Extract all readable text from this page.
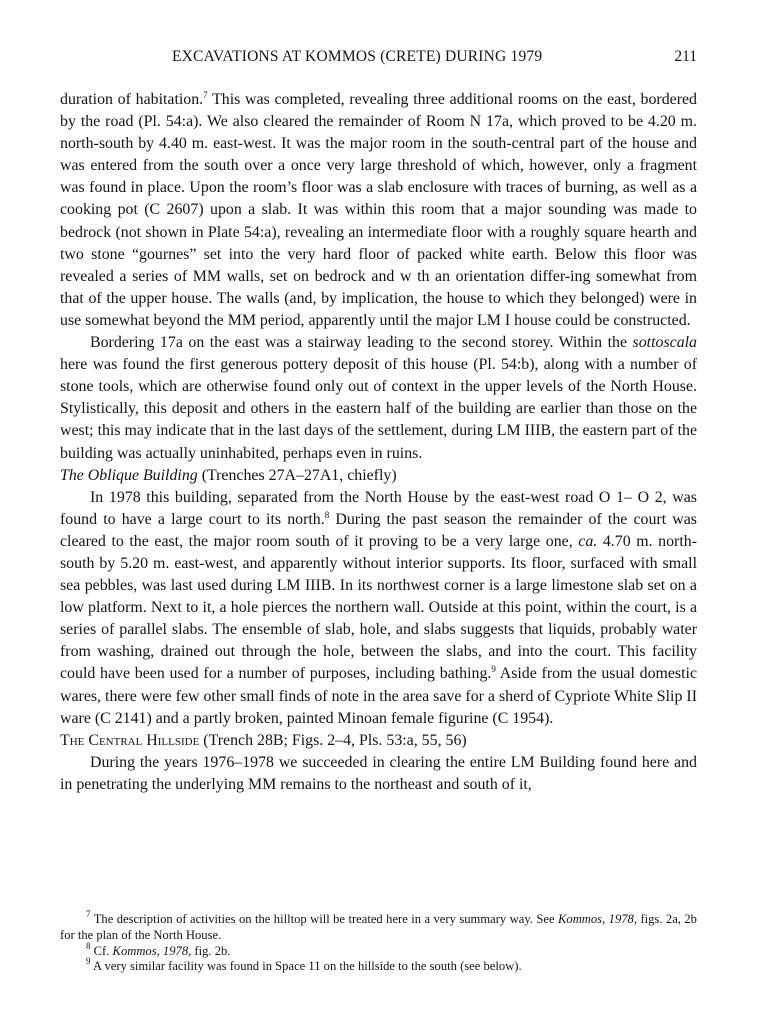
EXCAVATIONS AT KOMMOS (CRETE) DURING 1979	211

duration of habitation.$^7$ This was completed, revealing three additional rooms on the east, bordered by the road (Pl. 54:a). We also cleared the remainder of Room N 17a, which proved to be 4.20 m. north-south by 4.40 m. east-west. It was the major room in the south-central part of the house and was entered from the south over a once very large threshold of which, however, only a fragment was found in place. Upon the room’s floor was a slab enclosure with traces of burning, as well as a cooking pot (C 2607) upon a slab. It was within this room that a major sounding was made to bedrock (not shown in Plate 54:a), revealing an intermediate floor with a roughly square hearth and two stone “gournes” set into the very hard floor of packed white earth. Below this floor was revealed a series of MM walls, set on bedrock and w th an orientation differ-ing somewhat from that of the upper house. The walls (and, by implication, the house to which they belonged) were in use somewhat beyond the MM period, apparently until the major LM I house could be constructed.

Bordering 17a on the east was a stairway leading to the second storey. Within the sottoscala here was found the first generous pottery deposit of this house (Pl. 54:b), along with a number of stone tools, which are otherwise found only out of context in the upper levels of the North House. Stylistically, this deposit and others in the eastern half of the building are earlier than those on the west; this may indicate that in the last days of the settlement, during LM IIIB, the eastern part of the building was actually uninhabited, perhaps even in ruins.

The Oblique Building (Trenches 27A–27A1, chiefly)

In 1978 this building, separated from the North House by the east-west road O 1– O 2, was found to have a large court to its north.$^8$ During the past season the remainder of the court was cleared to the east, the major room south of it proving to be a very large one, ca. 4.70 m. north-south by 5.20 m. east-west, and apparently without interior supports. Its floor, surfaced with small sea pebbles, was last used during LM IIIB. In its northwest corner is a large limestone slab set on a low platform. Next to it, a hole pierces the northern wall. Outside at this point, within the court, is a series of parallel slabs. The ensemble of slab, hole, and slabs suggests that liquids, probably water from washing, drained out through the hole, between the slabs, and into the court. This facility could have been used for a number of purposes, including bathing.$^9$ Aside from the usual domestic wares, there were few other small finds of note in the area save for a sherd of Cypriote White Slip II ware (C 2141) and a partly broken, painted Minoan female figurine (C 1954).

The Central Hillside (Trench 28B; Figs. 2–4, Pls. 53:a, 55, 56)

During the years 1976–1978 we succeeded in clearing the entire LM Building found here and in penetrating the underlying MM remains to the northeast and south of it,

$^7$ The description of activities on the hilltop will be treated here in a very summary way. See Kommos, 1978, figs. 2a, 2b for the plan of the North House.

$^8$ Cf. Kommos, 1978, fig. 2b.

$^9$ A very similar facility was found in Space 11 on the hillside to the south (see below).
